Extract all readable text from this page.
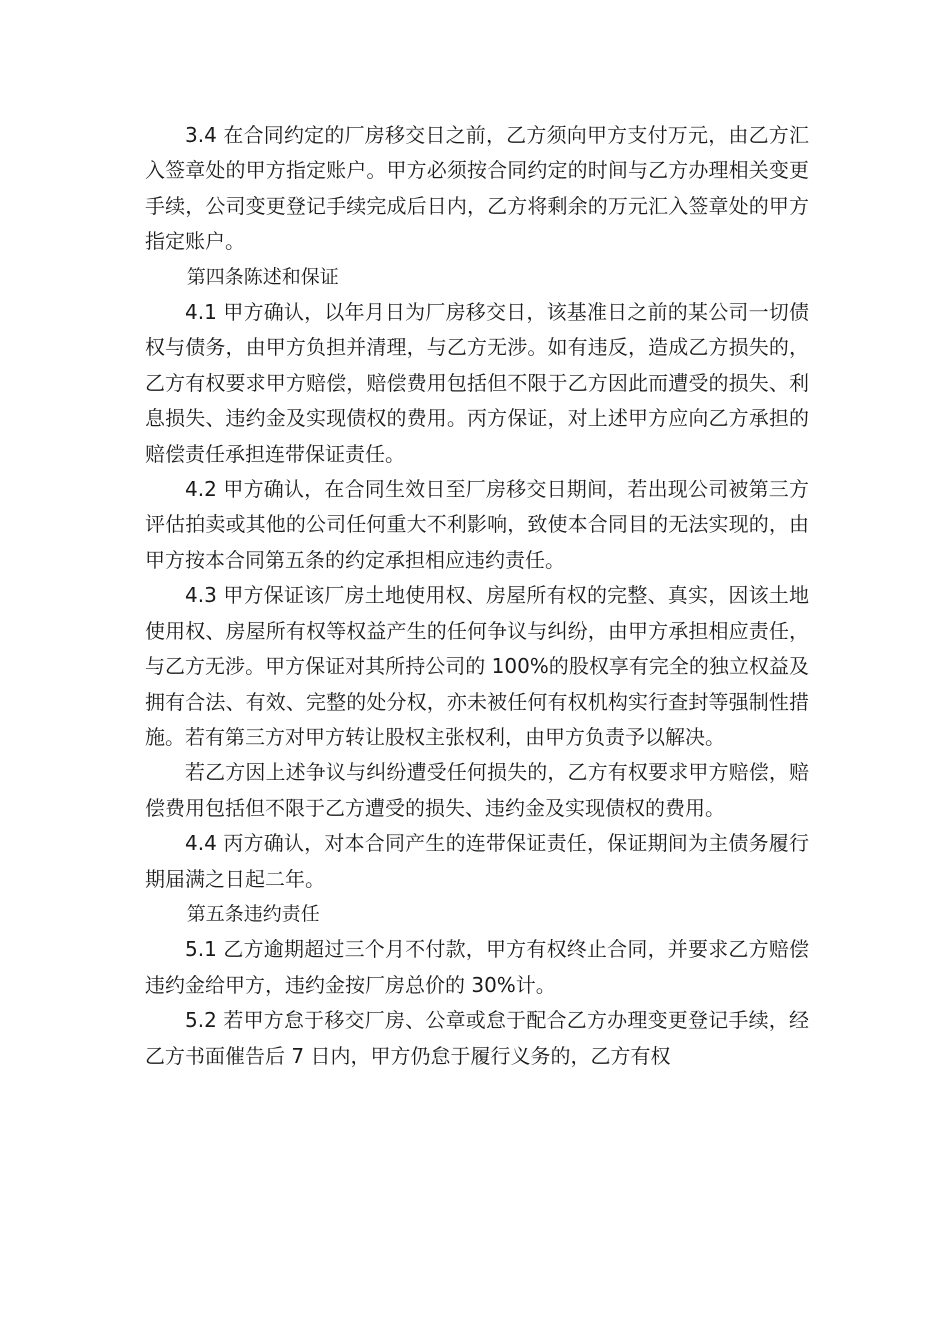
3.4 在合同约定的厂房移交日之前，乙方须向甲方支付万元，由乙方汇入签章处的甲方指定账户。甲方必须按合同约定的时间与乙方办理相关变更手续，公司变更登记手续完成后日内，乙方将剩余的万元汇入签章处的甲方指定账户。

第四条陈述和保证

4.1 甲方确认，以年月日为厂房移交日，该基准日之前的某公司一切债权与债务，由甲方负担并清理，与乙方无涉。如有违反，造成乙方损失的，乙方有权要求甲方赔偿，赔偿费用包括但不限于乙方因此而遭受的损失、利息损失、违约金及实现债权的费用。丙方保证，对上述甲方应向乙方承担的赔偿责任承担连带保证责任。

4.2 甲方确认，在合同生效日至厂房移交日期间，若出现公司被第三方评估拍卖或其他的公司任何重大不利影响，致使本合同目的无法实现的，由甲方按本合同第五条的约定承担相应违约责任。

4.3 甲方保证该厂房土地使用权、房屋所有权的完整、真实，因该土地使用权、房屋所有权等权益产生的任何争议与纠纷，由甲方承担相应责任，与乙方无涉。甲方保证对其所持公司的 100%的股权享有完全的独立权益及拥有合法、有效、完整的处分权，亦未被任何有权机构实行查封等强制性措施。若有第三方对甲方转让股权主张权利，由甲方负责予以解决。

若乙方因上述争议与纠纷遭受任何损失的，乙方有权要求甲方赔偿，赔偿费用包括但不限于乙方遭受的损失、违约金及实现债权的费用。

4.4 丙方确认，对本合同产生的连带保证责任，保证期间为主债务履行期届满之日起二年。

第五条违约责任

5.1 乙方逾期超过三个月不付款，甲方有权终止合同，并要求乙方赔偿违约金给甲方，违约金按厂房总价的 30%计。

5.2 若甲方怠于移交厂房、公章或怠于配合乙方办理变更登记手续，经乙方书面催告后 7 日内，甲方仍怠于履行义务的，乙方有权
